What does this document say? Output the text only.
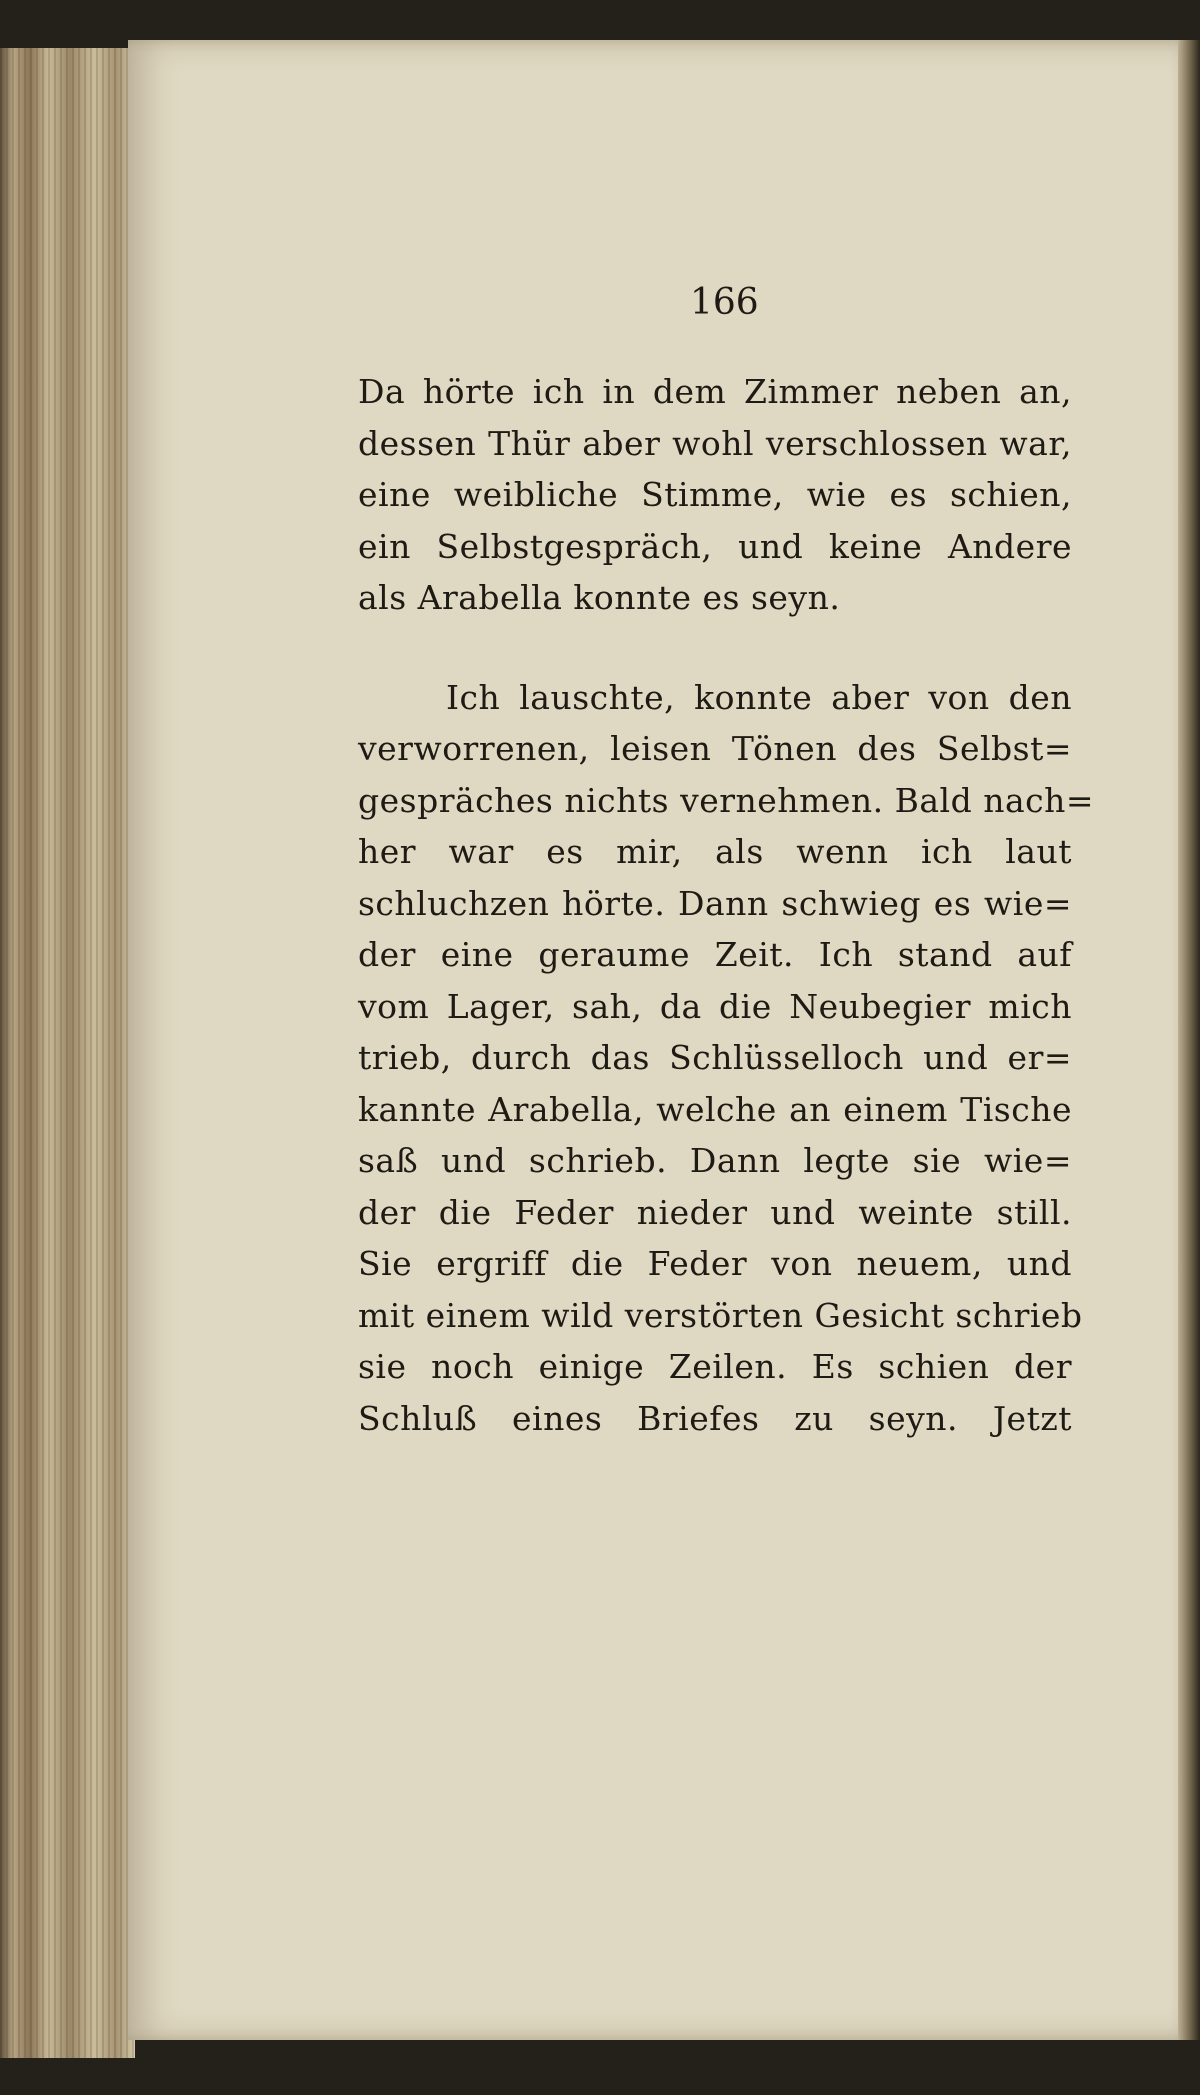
166
Da hörte ich in dem Zimmer neben an,
dessen Thür aber wohl verschlossen war,
eine weibliche Stimme, wie es schien,
ein Selbstgespräch, und keine Andere
als Arabella konnte es seyn.
Ich lauschte, konnte aber von den
verworrenen, leisen Tönen des Selbst=
gespräches nichts vernehmen. Bald nach=
her war es mir, als wenn ich laut
schluchzen hörte. Dann schwieg es wie=
der eine geraume Zeit. Ich stand auf
vom Lager, sah, da die Neubegier mich
trieb, durch das Schlüsselloch und er=
kannte Arabella, welche an einem Tische
saß und schrieb. Dann legte sie wie=
der die Feder nieder und weinte still.
Sie ergriff die Feder von neuem, und
mit einem wild verstörten Gesicht schrieb
sie noch einige Zeilen. Es schien der
Schluß eines Briefes zu seyn. Jetzt
